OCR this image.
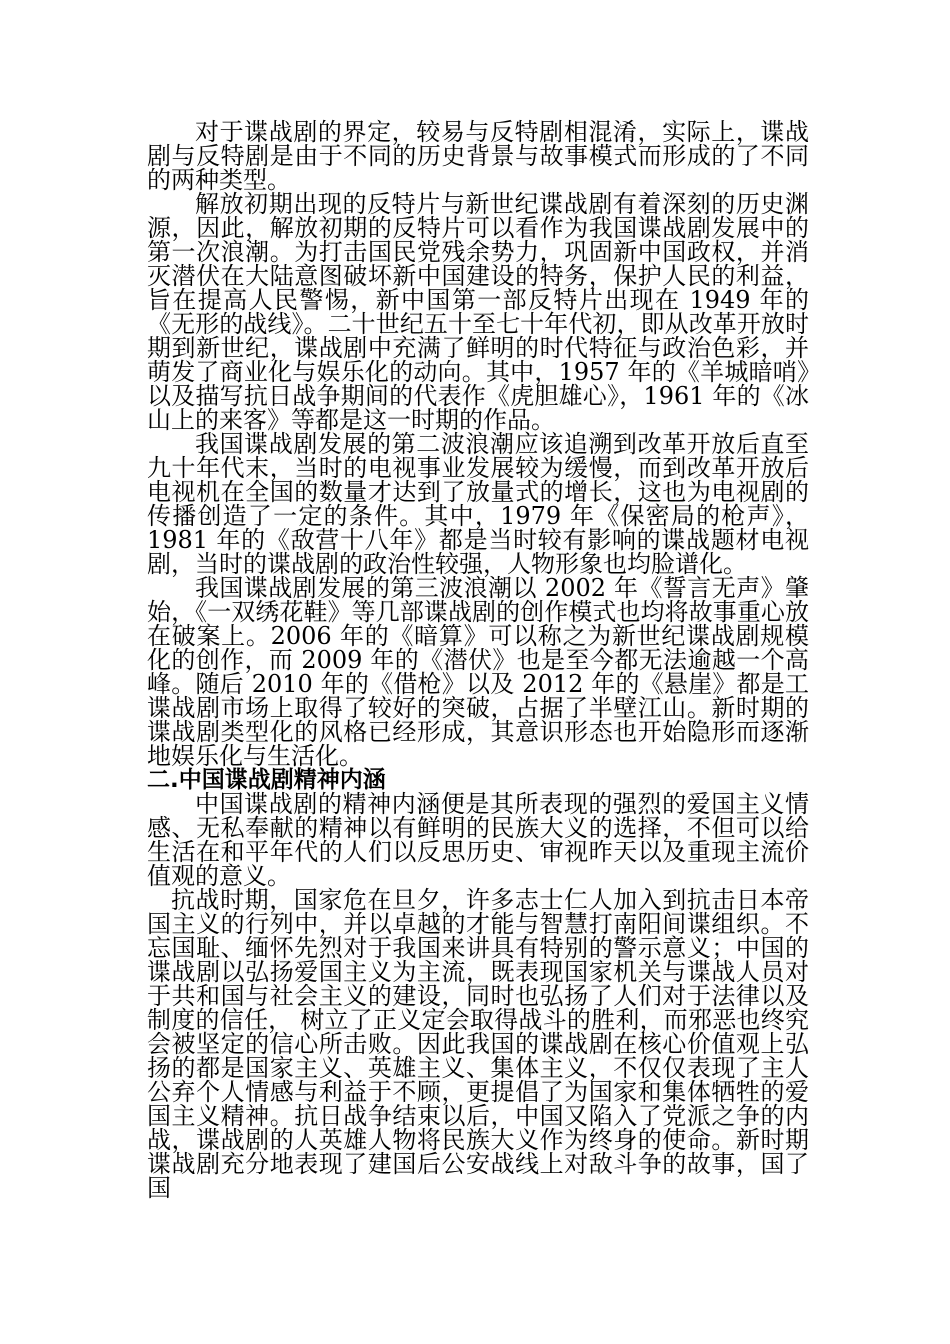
对于谍战剧的界定，较易与反特剧相混淆，实际上，谍战剧与反特剧是由于不同的历史背景与故事模式而形成的了不同的两种类型。

解放初期出现的反特片与新世纪谍战剧有着深刻的历史渊源，因此，解放初期的反特片可以看作为我国谍战剧发展中的第一次浪潮。为打击国民党残余势力，巩固新中国政权，并消灭潜伏在大陆意图破坏新中国建设的特务，保护人民的利益，旨在提高人民警惕，新中国第一部反特片出现在 1949 年的《无形的战线》。二十世纪五十至七十年代初，即从改革开放时期到新世纪，谍战剧中充满了鲜明的时代特征与政治色彩，并萌发了商业化与娱乐化的动向。其中，1957 年的《羊城暗哨》以及描写抗日战争期间的代表作《虎胆雄心》，1961 年的《冰山上的来客》等都是这一时期的作品。

我国谍战剧发展的第二波浪潮应该追溯到改革开放后直至九十年代末，当时的电视事业发展较为缓慢，而到改革开放后电视机在全国的数量才达到了放量式的增长，这也为电视剧的传播创造了一定的条件。其中，1979 年《保密局的枪声》，1981 年的《敌营十八年》都是当时较有影响的谍战题材电视剧，当时的谍战剧的政治性较强，人物形象也均脸谱化。

我国谍战剧发展的第三波浪潮以 2002 年《誓言无声》肇始，《一双绣花鞋》等几部谍战剧的创作模式也均将故事重心放在破案上。2006 年的《暗算》可以称之为新世纪谍战剧规模化的创作，而 2009 年的《潜伏》也是至今都无法逾越一个高峰。随后 2010 年的《借枪》以及 2012 年的《悬崖》都是工谍战剧市场上取得了较好的突破，占据了半壁江山。新时期的谍战剧类型化的风格已经形成，其意识形态也开始隐形而逐渐地娱乐化与生活化。

二.中国谍战剧精神内涵

中国谍战剧的精神内涵便是其所表现的强烈的爱国主义情感、无私奉献的精神以有鲜明的民族大义的选择，不但可以给生活在和平年代的人们以反思历史、审视昨天以及重现主流价值观的意义。

抗战时期，国家危在旦夕，许多志士仁人加入到抗击日本帝国主义的行列中，并以卓越的才能与智慧打南阳间谍组织。不忘国耻、缅怀先烈对于我国来讲具有特别的警示意义；中国的谍战剧以弘扬爱国主义为主流，既表现国家机关与谍战人员对于共和国与社会主义的建设，同时也弘扬了人们对于法律以及制度的信任， 树立了正义定会取得战斗的胜利，而邪恶也终究会被坚定的信心所击败。因此我国的谍战剧在核心价值观上弘扬的都是国家主义、英雄主义、集体主义，不仅仅表现了主人公弃个人情感与利益于不顾，更提倡了为国家和集体牺牲的爱国主义精神。抗日战争结束以后，中国又陷入了党派之争的内战，谍战剧的人英雄人物将民族大义作为终身的使命。新时期谍战剧充分地表现了建国后公安战线上对敌斗争的故事，国了国
